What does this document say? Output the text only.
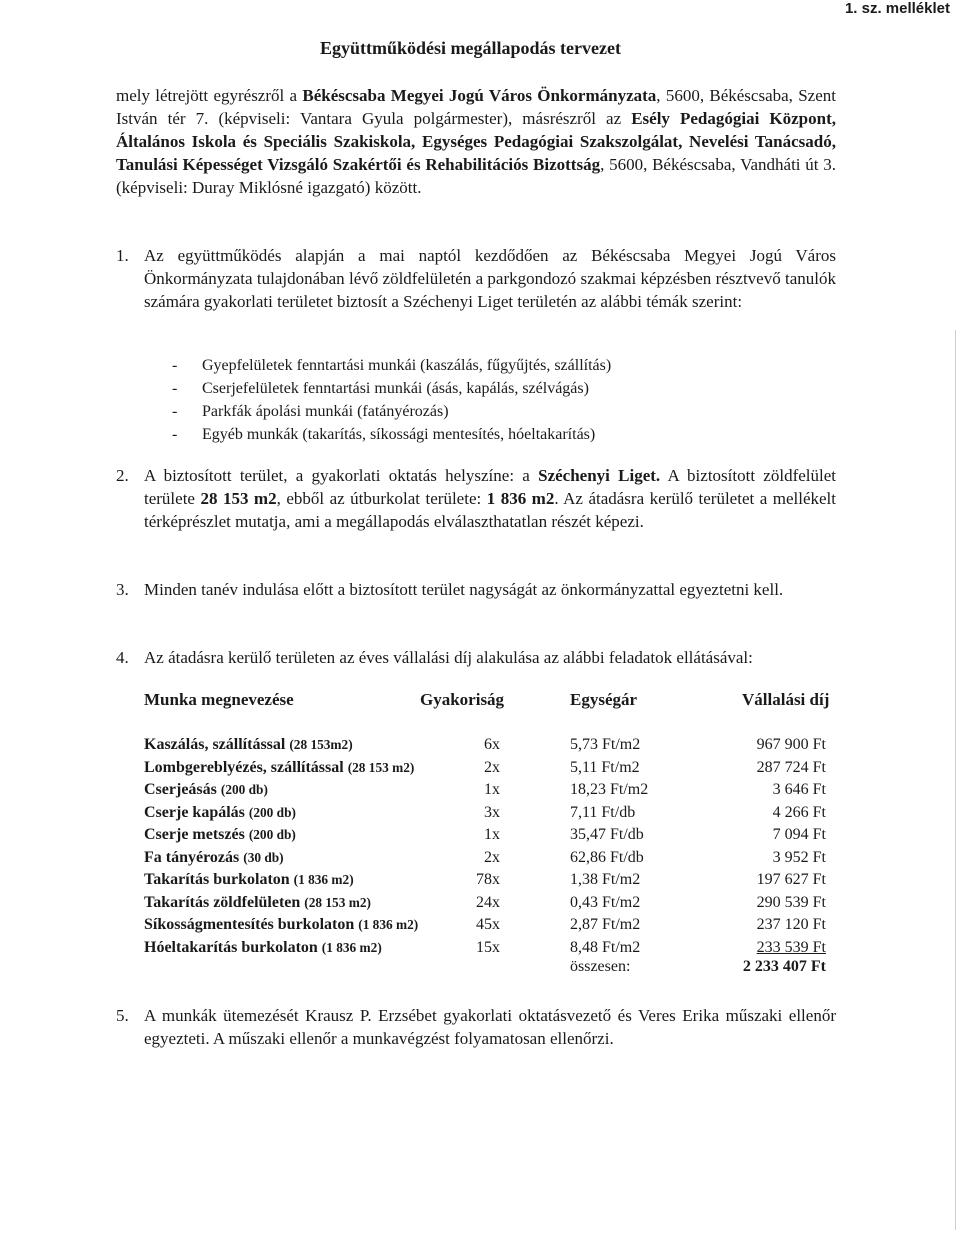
1. sz. melléklet
Együttműködési megállapodás tervezet
mely létrejött egyrészről a Békéscsaba Megyei Jogú Város Önkormányzata, 5600, Békéscsaba, Szent István tér 7. (képviseli: Vantara Gyula polgármester), másrészről az Esély Pedagógiai Központ, Általános Iskola és Speciális Szakiskola, Egységes Pedagógiai Szakszolgálat, Nevelési Tanácsadó, Tanulási Képességet Vizsgáló Szakértői és Rehabilitációs Bizottság, 5600, Békéscsaba, Vandháti út 3. (képviseli: Duray Miklósné igazgató) között.
1. Az együttműködés alapján a mai naptól kezdődően az Békéscsaba Megyei Jogú Város Önkormányzata tulajdonában lévő zöldfelületén a parkgondozó szakmai képzésben résztvevő tanulók számára gyakorlati területet biztosít a Széchenyi Liget területén az alábbi témák szerint:
- Gyepfelületek fenntartási munkái (kaszálás, fűgyűjtés, szállítás)
- Cserjefelületek fenntartási munkái (ásás, kapálás, szélvágás)
- Parkfák ápolási munkái (fatányérozás)
- Egyéb munkák (takarítás, síkossági mentesítés, hóeltakarítás)
2. A biztosított terület, a gyakorlati oktatás helyszíne: a Széchenyi Liget. A biztosított zöldfelület területe 28 153 m2, ebből az útburkolat területe: 1 836 m2. Az átadásra kerülő területet a mellékelt térképrészlet mutatja, ami a megállapodás elválaszthatatlan részét képezi.
3. Minden tanév indulása előtt a biztosított terület nagyságát az önkormányzattal egyeztetni kell.
4. Az átadásra kerülő területen az éves vállalási díj alakulása az alábbi feladatok ellátásával:
Munka megnevezése	Gyakoriság	Egységár	Vállalási díj
Kaszálás, szállítással (28 153m2)	6x	5,73 Ft/m2	967 900 Ft
Lombgereblyézés, szállítással (28 153 m2)	2x	5,11 Ft/m2	287 724 Ft
Cserjeásás (200 db)	1x	18,23 Ft/m2	3 646 Ft
Cserje kapálás (200 db)	3x	7,11 Ft/db	4 266 Ft
Cserje metszés (200 db)	1x	35,47 Ft/db	7 094 Ft
Fa tányérozás (30 db)	2x	62,86 Ft/db	3 952 Ft
Takarítás burkolaton (1 836 m2)	78x	1,38 Ft/m2	197 627 Ft
Takarítás zöldfelületen (28 153 m2)	24x	0,43 Ft/m2	290 539 Ft
Síkosságmentesítés burkolaton (1 836 m2)	45x	2,87 Ft/m2	237 120 Ft
Hóeltakarítás burkolaton (1 836 m2)	15x	8,48 Ft/m2	233 539 Ft
összesen:	2 233 407 Ft
5. A munkák ütemezését Krausz P. Erzsébet gyakorlati oktatásvezető és Veres Erika műszaki ellenőr egyezteti. A műszaki ellenőr a munkavégzést folyamatosan ellenőrzi.
